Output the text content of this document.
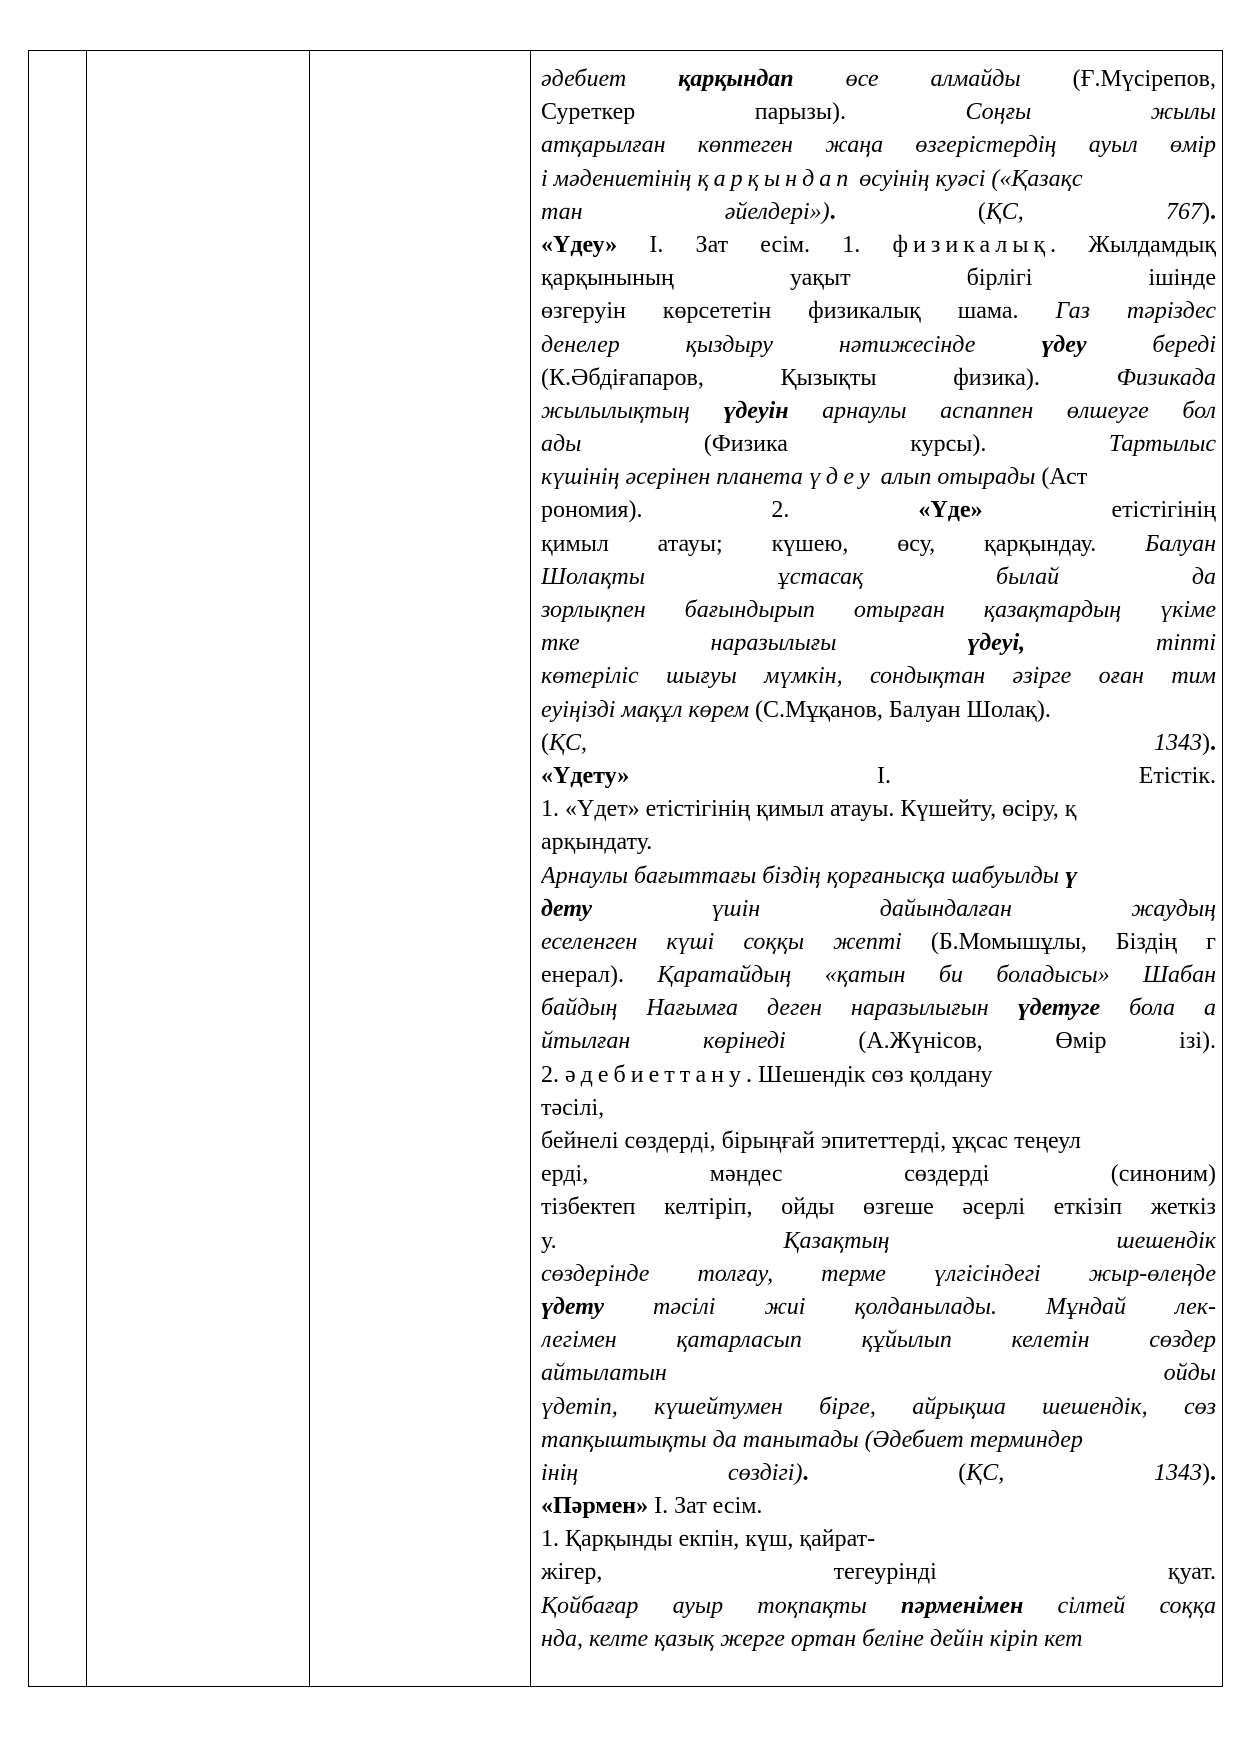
әдебиет қарқындап өсе алмайды (Ғ.Мүсірепов,
Суреткер парызы). Соңғы жылы
атқарылған көптеген жаңа өзгерістердің ауыл өмір
і мәдениетінің қарқындап өсуінің куәсі («Қазақс
тан әйелдері»). (ҚС, 767).
«Үдеу» I. Зат есім. 1. физикалық. Жылдамдық
қарқынының уақыт бірлігі ішінде
өзгеруін көрсететін физикалық шама. Газ тәріздес
денелер қыздыру нәтижесінде үдеу береді
(К.Әбдіғапаров, Қызықты физика). Физикада
жылылықтың үдеуін арнаулы аспаппен өлшеуге бол
ады (Физика курсы). Тартылыс
күшінің әсерінен планета үдеу алып отырады (Аст
рономия). 2. «Үде» етістігінің
қимыл атауы; күшею, өсу, қарқындау. Балуан
Шолақты ұстасақ былай да
зорлықпен бағындырып отырған қазақтардың үкіме
тке наразылығы үдеуі, тіпті
көтеріліс шығуы мүмкін, сондықтан әзірге оған тим
еуіңізді мақұл көрем (С.Мұқанов, Балуан Шолақ).
(ҚС, 1343).
«Үдету» I. Етістік.
1. «Үдет» етістігінің қимыл атауы. Күшейту, өсіру, қ
арқындату.
Арнаулы бағыттағы біздің қорғанысқа шабуылды ү
дету үшін дайындалған жаудың
еселенген күші соққы жепті (Б.Момышұлы, Біздің г
енерал). Қаратайдың «қатын би боладысы» Шабан
байдың Нағымға деген наразылығын үдетуге бола а
йтылған көрінеді (А.Жүнісов, Өмір ізі).
2. әдебиеттану. Шешендік сөз қолдану
тәсілі,
бейнелі сөздерді, бірыңғай эпитеттерді, ұқсас теңеул
ерді, мәндес сөздерді (синоним)
тізбектеп келтіріп, ойды өзгеше әсерлі еткізіп жеткіз
у. Қазақтың шешендік
сөздерінде толғау, терме үлгісіндегі жыр-өлеңде
үдету тәсілі жиі қолданылады. Мұндай лек-
легімен қатарласып құйылып келетін сөздер
айтылатын ойды
үдетіп, күшейтумен бірге, айрықша шешендік, сөз
тапқыштықты да танытады (Әдебиет терминдер
інің сөздігі). (ҚС, 1343).
«Пәрмен» I. Зат есім.
1. Қарқынды екпін, күш, қайрат-
жігер, тегеурінді қуат.
Қойбағар ауыр тоқпақты пәрменімен сілтей соққа
нда, келте қазық жерге ортан беліне дейін кіріп кет
